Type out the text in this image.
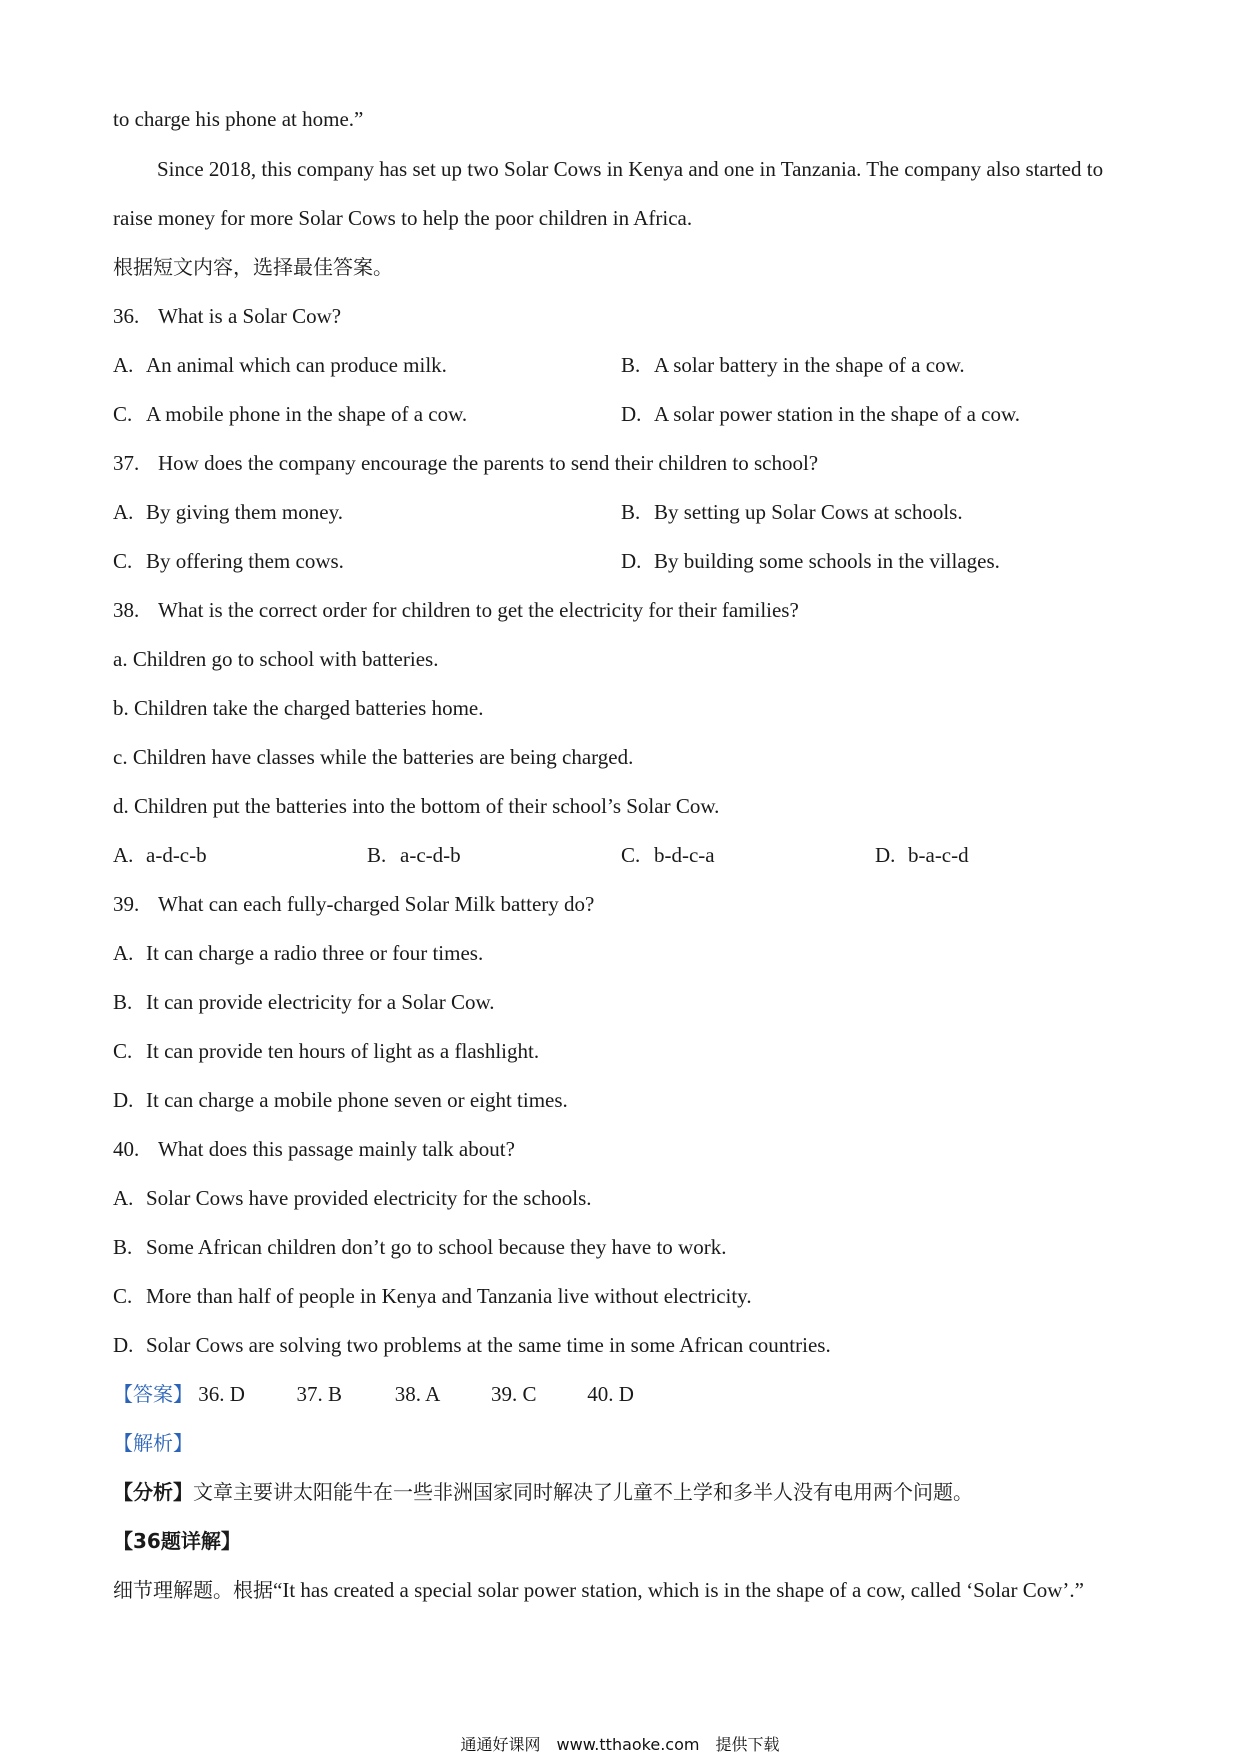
to charge his phone at home.”
Since 2018, this company has set up two Solar Cows in Kenya and one in Tanzania. The company also started to
raise money for more Solar Cows to help the poor children in Africa.
根据短文内容，选择最佳答案。
36. What is a Solar Cow?
A. An animal which can produce milk.	B. A solar battery in the shape of a cow.
C. A mobile phone in the shape of a cow.	D. A solar power station in the shape of a cow.
37. How does the company encourage the parents to send their children to school?
A. By giving them money.	B. By setting up Solar Cows at schools.
C. By offering them cows.	D. By building some schools in the villages.
38. What is the correct order for children to get the electricity for their families?
a. Children go to school with batteries.
b. Children take the charged batteries home.
c. Children have classes while the batteries are being charged.
d. Children put the batteries into the bottom of their school’s Solar Cow.
A. a-d-c-b	B. a-c-d-b	C. b-d-c-a	D. b-a-c-d
39. What can each fully-charged Solar Milk battery do?
A. It can charge a radio three or four times.
B. It can provide electricity for a Solar Cow.
C. It can provide ten hours of light as a flashlight.
D. It can charge a mobile phone seven or eight times.
40. What does this passage mainly talk about?
A. Solar Cows have provided electricity for the schools.
B. Some African children don’t go to school because they have to work.
C. More than half of people in Kenya and Tanzania live without electricity.
D. Solar Cows are solving two problems at the same time in some African countries.
【答案】 36. D 37. B	38. A 39. C 40. D
【解析】
【分析】文章主要讲太阳能牛在一些非洲国家同时解决了儿童不上学和多半人没有电用两个问题。
【36题详解】
细节理解题。根据“It has created a special solar power station, which is in the shape of a cow, called ‘Solar Cow’.”
通通好课网　www.tthaoke.com　提供下载
